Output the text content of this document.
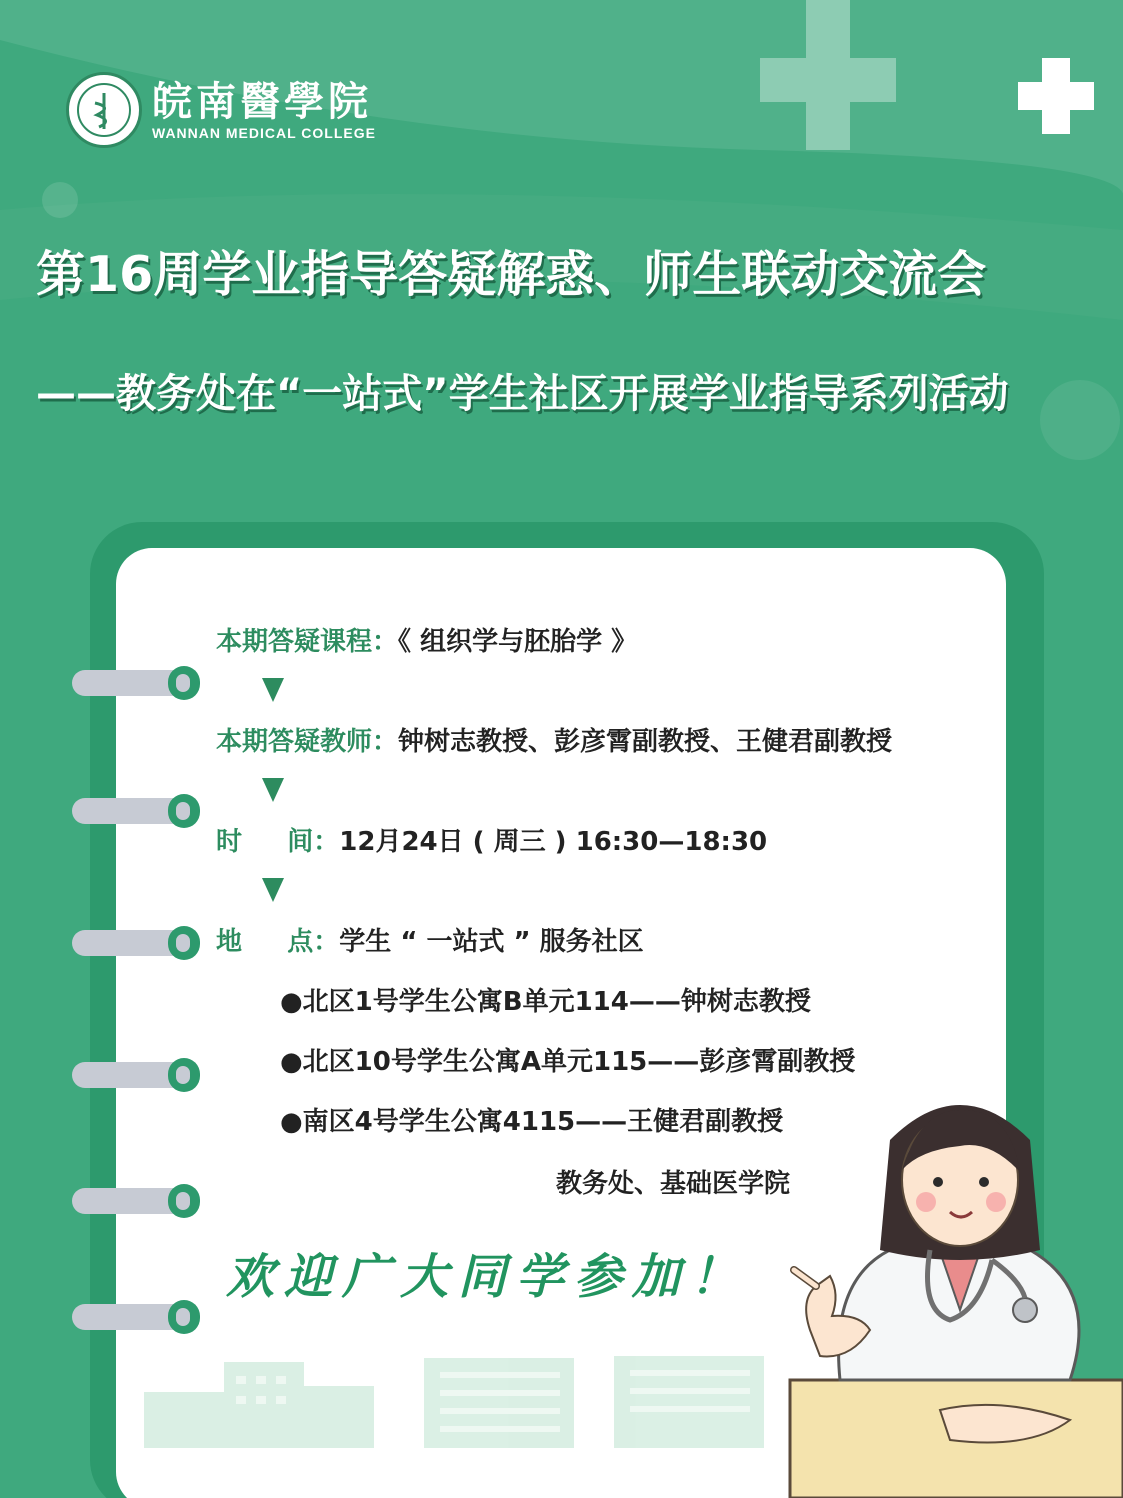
皖南醫學院
WANNAN MEDICAL COLLEGE
第16周学业指导答疑解惑、师生联动交流会
——教务处在“一站式”学生社区开展学业指导系列活动
本期答疑课程：《 组织学与胚胎学 》
本期答疑教师：钟树志教授、彭彦霄副教授、王健君副教授
时     间：12月24日 ( 周三 ) 16:30—18:30
地     点：学生 “ 一站式 ” 服务社区
●北区1号学生公寓B单元114——钟树志教授
●北区10号学生公寓A单元115——彭彦霄副教授
●南区4号学生公寓4115——王健君副教授
教务处、基础医学院
欢迎广大同学参加！
